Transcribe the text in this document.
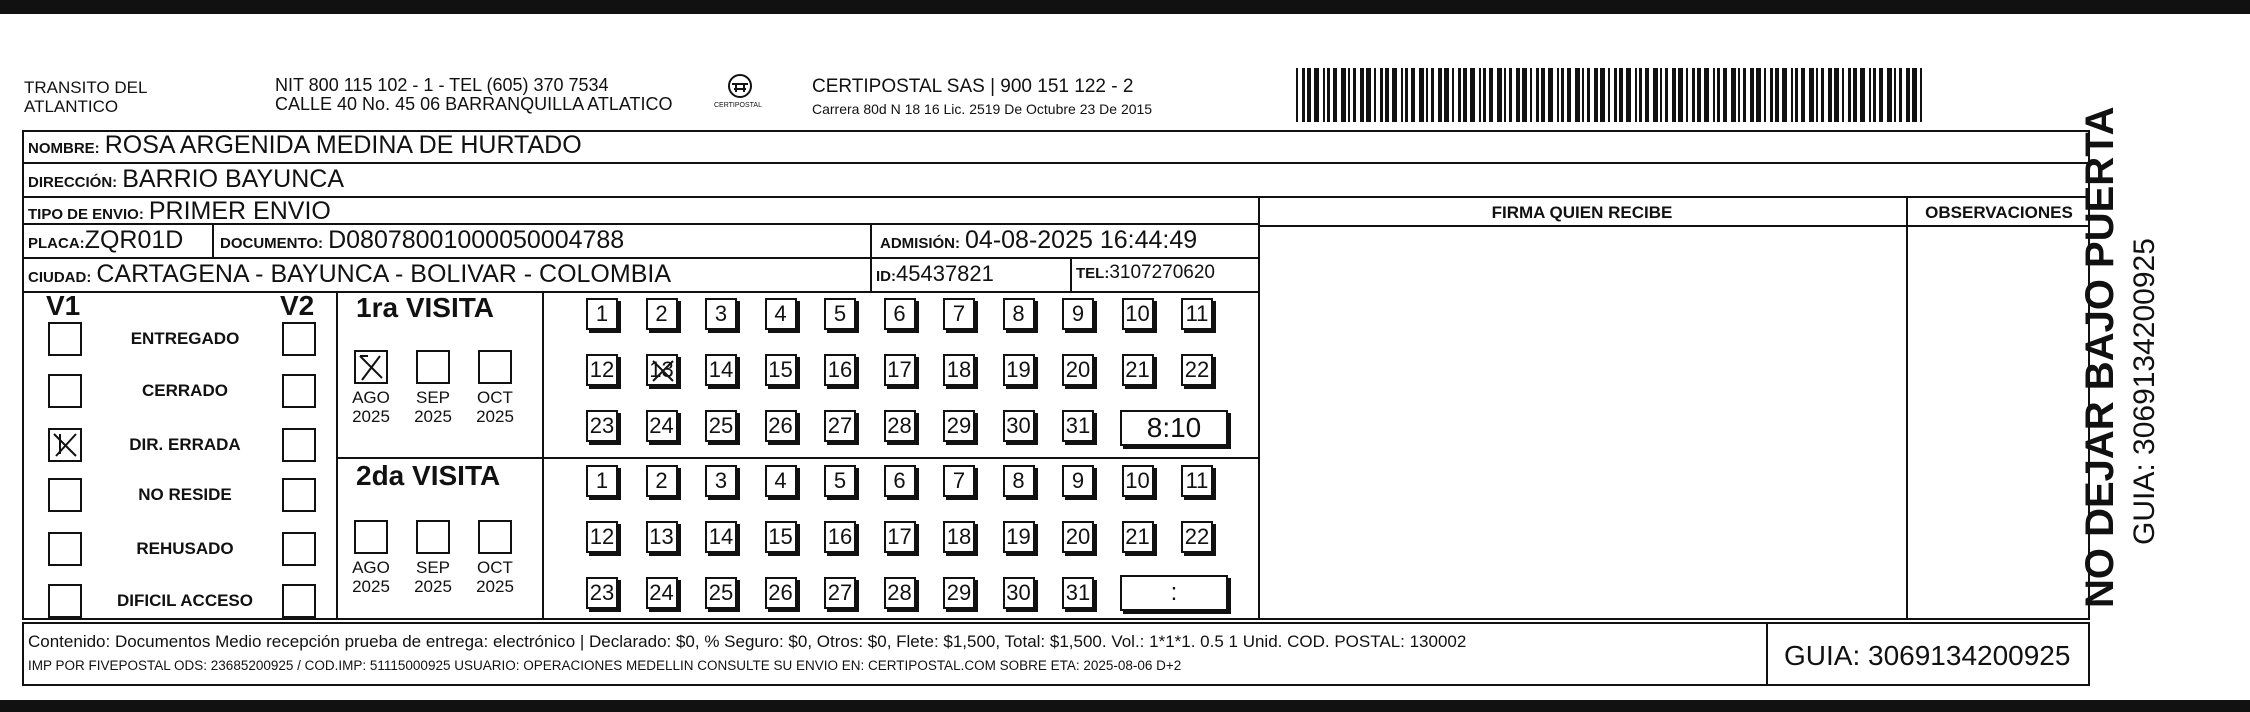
TRANSITO DEL
ATLANTICO
NIT 800 115 102 - 1 - TEL (605) 370 7534
CALLE 40 No. 45 06 BARRANQUILLA ATLATICO	CERTIPOSTAL
CERTIPOSTAL SAS | 900 151 122 - 2
Carrera 80d N 18 16 Lic. 2519 De Octubre 23 De 2015
NOMBRE: ROSA ARGENIDA MEDINA DE HURTADO
DIRECCIÓN: BARRIO BAYUNCA
TIPO DE ENVIO: PRIMER ENVIO	FIRMA QUIEN RECIBE	OBSERVACIONES
PLACA:ZQR01D DOCUMENTO: D08078001000050004788	ADMISIÓN: 04-08-2025 16:44:49
CIUDAD: CARTAGENA - BAYUNCA - BOLIVAR - COLOMBIA	ID:45437821	TEL:3107270620
V1	V2
ENTREGADO
CERRADO
DIR. ERRADA
NO RESIDE
REHUSADO
DIFICIL ACCESO
1ra VISITA
2da VISITA
AGO
2025
SEP
2025
OCT
2025
AGO
2025
SEP
2025
OCT
2025
1	2	3	4	5	6	7	8	9	10 11
12 13 14 15 16 17 18 19 20 21 22
23 24 25 26 27 28 29 30 31
1	2	3	4	5	6	7	8	9	10 11
12 13 14 15 16 17 18 19 20 21 22
23 24 25 26 27 28 29 30 31
8:10
:
Contenido: Documentos Medio recepción prueba de entrega: electrónico | Declarado: $0, % Seguro: $0, Otros: $0, Flete: $1,500, Total: $1,500. Vol.: 1*1*1. 0.5 1 Unid. COD. POSTAL: 130002
IMP POR FIVEPOSTAL ODS: 23685200925 / COD.IMP: 51115000925 USUARIO: OPERACIONES MEDELLIN CONSULTE SU ENVIO EN: CERTIPOSTAL.COM SOBRE ETA: 2025-08-06 D+2	GUIA: 3069134200925
NO DEJAR BAJO PUERTA GUIA: 3069134200925
